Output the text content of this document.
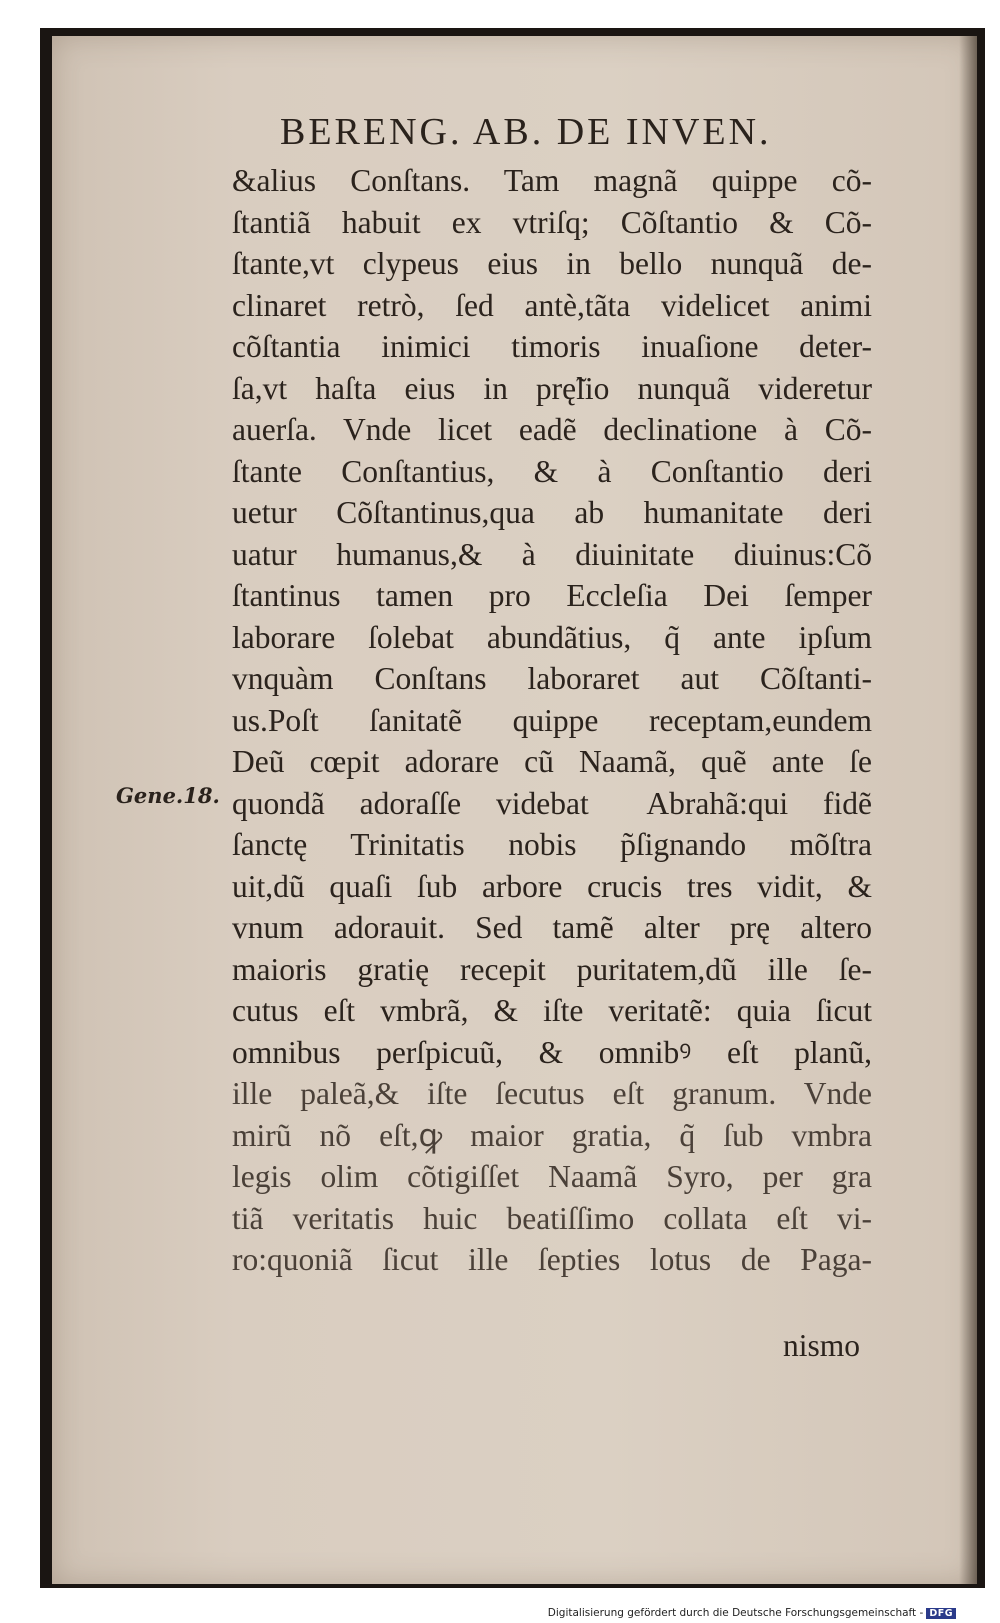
BERENG. AB. DE INVEN.
Gene.18.
&alius Conſtans. Tam magnã quippe cõ-
ſtantiã habuit ex vtriſq; Cõſtantio & Cõ-
ſtante,vt clypeus eius in bello nunquã de-
clinaret retrò, ſed antè,tãta videlicet animi
cõſtantia inimici timoris inuaſione deter-
ſa,vt haſta eius in prę̃lio nunquã videretur
auerſa. Vnde licet eadẽ declinatione à Cõ-
ſtante Conſtantius, & à Conſtantio deri
uetur Cõſtantinus,qua ab humanitate deri
uatur humanus,& à diuinitate diuinus:Cõ
ſtantinus tamen pro Eccleſia Dei ſemper
laborare ſolebat abundãtius, q̃ ante ipſum
vnquàm Conſtans laboraret aut Cõſtanti-
us.Poſt ſanitatẽ quippe receptam,eundem
Deũ cœpit adorare cũ Naamã, quẽ ante ſe
quondã adoraſſe videbatᷓ Abrahã:qui fidẽ
ſanctę Trinitatis nobis p̃ſignando mõſtra
uit,dũ quaſi ſub arbore crucis tres vidit, &
vnum adorauit. Sed tamẽ alter prę altero
maioris gratię recepit puritatem,dũ ille ſe-
cutus eſt vmbrã, & iſte veritatẽ: quia ſicut
omnibus perſpicuũ, & omnibꝰ eſt planũ,
ille paleã,& iſte ſecutus eſt granum. Vnde
mirũ nõ eſt,ꝙ maior gratia, q̃ ſub vmbra
legis olim cõtigiſſet Naamã Syro, per gra
tiã veritatis huic beatiſſimo collata eſt vi-
ro:quoniã ſicut ille ſepties lotus de Paga-
nismo
Digitalisierung gefördert durch die Deutsche Forschungsgemeinschaft - DFG
